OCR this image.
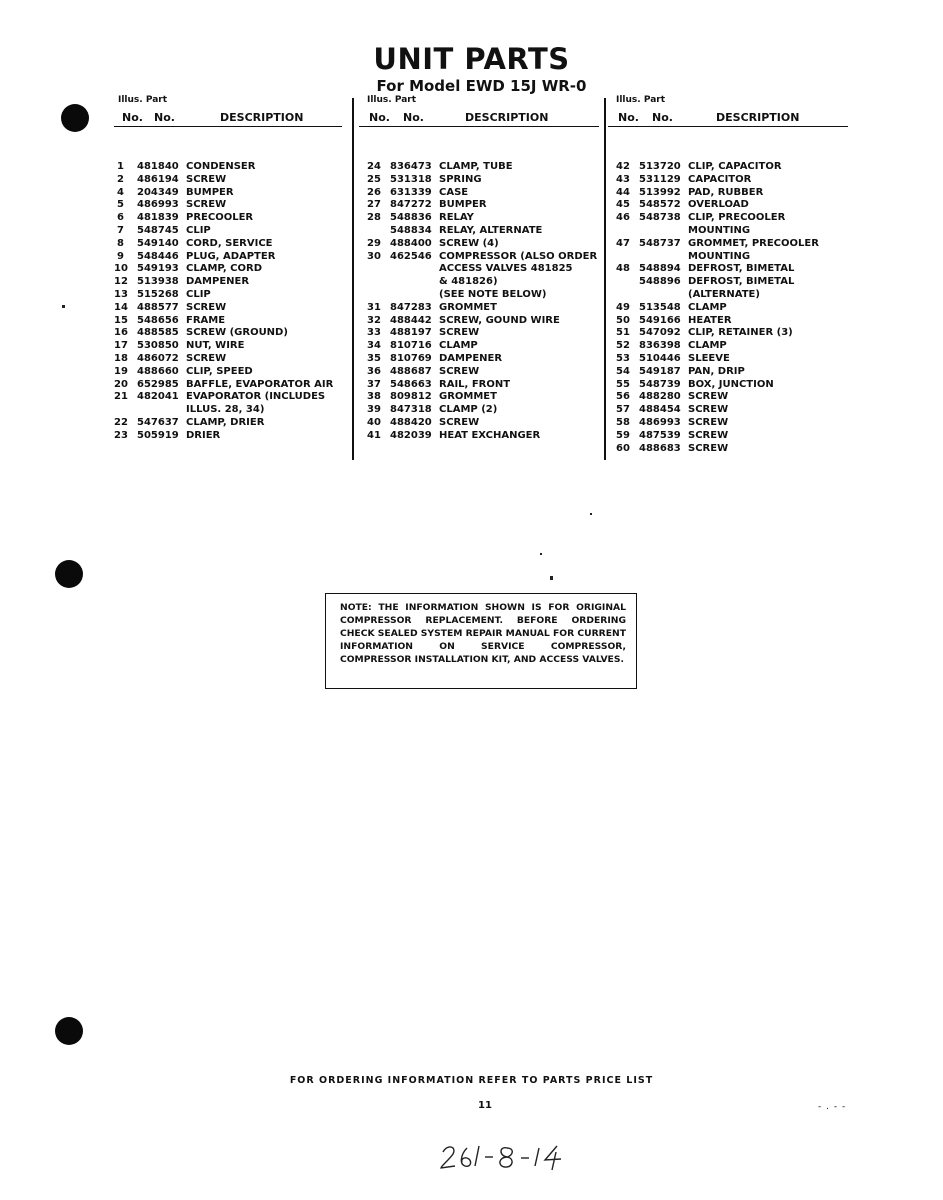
UNIT PARTS
For Model EWD 15J WR-0
Illus. Part
No. No.	DESCRIPTION
1 481840 CONDENSER
2 486194 SCREW
4 204349 BUMPER
5 486993 SCREW
6 481839 PRECOOLER
7 548745 CLIP
8 549140 CORD, SERVICE
9 548446 PLUG, ADAPTER
10 549193 CLAMP, CORD
12 513938 DAMPENER
13 515268 CLIP
14 488577 SCREW
15 548656 FRAME
16 488585 SCREW (GROUND)
17 530850 NUT, WIRE
18 486072 SCREW
19 488660 CLIP, SPEED
20 652985 BAFFLE, EVAPORATOR AIR
21 482041 EVAPORATOR (INCLUDES
ILLUS. 28, 34)
22 547637 CLAMP, DRIER
23 505919 DRIER
Illus. Part
No. No.	DESCRIPTION
24 836473 CLAMP, TUBE
25 531318 SPRING
26 631339 CASE
27 847272 BUMPER
28 548836 RELAY
548834 RELAY, ALTERNATE
29 488400 SCREW (4)
30 462546 COMPRESSOR (ALSO ORDER
ACCESS VALVES 481825
& 481826)
(SEE NOTE BELOW)
31 847283 GROMMET
32 488442 SCREW, GOUND WIRE
33 488197 SCREW
34 810716 CLAMP
35 810769 DAMPENER
36 488687 SCREW
37 548663 RAIL, FRONT
38 809812 GROMMET
39 847318 CLAMP (2)
40 488420 SCREW
41 482039 HEAT EXCHANGER
Illus. Part
No. No.	DESCRIPTION
42 513720 CLIP, CAPACITOR
43 531129 CAPACITOR
44 513992 PAD, RUBBER
45 548572 OVERLOAD
46 548738 CLIP, PRECOOLER
MOUNTING
47 548737 GROMMET, PRECOOLER
MOUNTING
48 548894 DEFROST, BIMETAL
548896 DEFROST, BIMETAL
(ALTERNATE)
49 513548 CLAMP
50 549166 HEATER
51 547092 CLIP, RETAINER (3)
52 836398 CLAMP
53 510446 SLEEVE
54 549187 PAN, DRIP
55 548739 BOX, JUNCTION
56 488280 SCREW
57 488454 SCREW
58 486993 SCREW
59 487539 SCREW
60 488683 SCREW
NOTE: THE INFORMATION SHOWN IS FOR ORIGINAL COMPRESSOR REPLACEMENT. BEFORE ORDERING CHECK SEALED SYSTEM REPAIR MANUAL FOR CURRENT INFORMATION ON SERVICE COMPRESSOR, COMPRESSOR INSTALLATION KIT, AND ACCESS VALVES.
FOR ORDERING INFORMATION REFER TO PARTS PRICE LIST
11	- . - -
